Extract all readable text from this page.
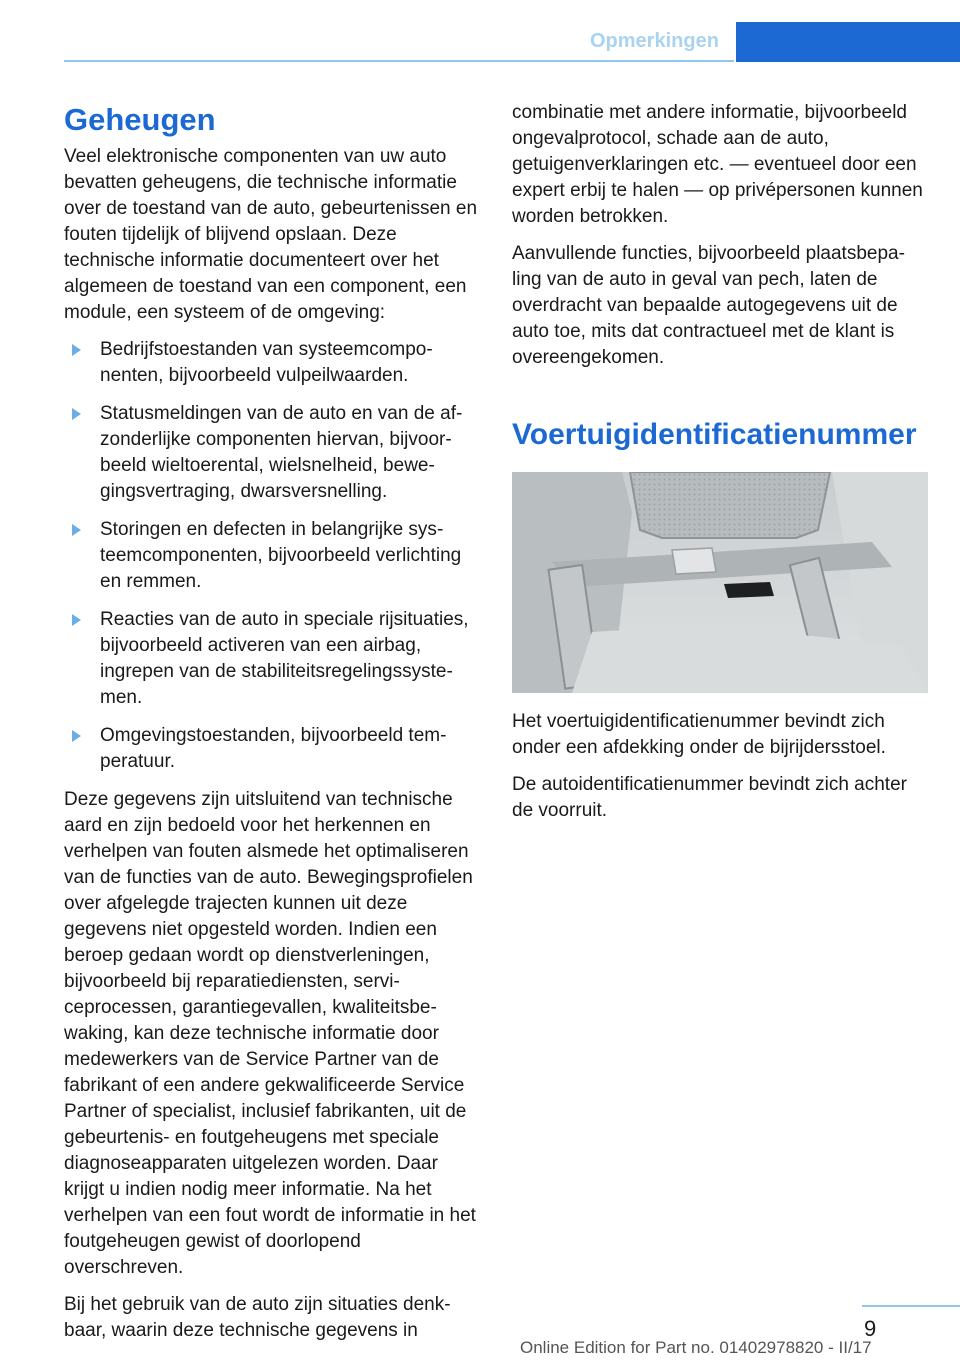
Opmerkingen
Geheugen

Veel elektronische componenten van uw auto bevatten geheugens, die technische informatie over de toestand van de auto, gebeurtenissen en fouten tijdelijk of blijvend opslaan. Deze technische informatie documenteert over het algemeen de toestand van een component, een module, een systeem of de omgeving:

Bedrijfstoestanden van systeemcomponenten, bijvoorbeeld vulpeilwaarden.
Statusmeldingen van de auto en van de afzonderlijke componenten hiervan, bijvoorbeeld wieltoerental, wielsnelheid, bewegingsvertraging, dwarsversnelling.
Storingen en defecten in belangrijke systeemcomponenten, bijvoorbeeld verlichting en remmen.
Reacties van de auto in speciale rijsituaties, bijvoorbeeld activeren van een airbag, ingrepen van de stabiliteitsregelingssystemen.
Omgevingstoestanden, bijvoorbeeld temperatuur.

Deze gegevens zijn uitsluitend van technische aard en zijn bedoeld voor het herkennen en verhelpen van fouten alsmede het optimaliseren van de functies van de auto. Bewegingsprofielen over afgelegde trajecten kunnen uit deze gegevens niet opgesteld worden. Indien een beroep gedaan wordt op dienstverleningen, bijvoorbeeld bij reparatiediensten, serviceprocessen, garantiegevallen, kwaliteitsbewaking, kan deze technische informatie door medewerkers van de Service Partner van de fabrikant of een andere gekwalificeerde Service Partner of specialist, inclusief fabrikanten, uit de gebeurtenis- en foutgeheugens met speciale diagnoseapparaten uitgelezen worden. Daar krijgt u indien nodig meer informatie. Na het verhelpen van een fout wordt de informatie in het foutgeheugen gewist of doorlopend overschreven.

Bij het gebruik van de auto zijn situaties denkbaar, waarin deze technische gegevens in

combinatie met andere informatie, bijvoorbeeld ongevalprotocol, schade aan de auto, getuigenverklaringen etc. — eventueel door een expert erbij te halen — op privépersonen kunnen worden betrokken.

Aanvullende functies, bijvoorbeeld plaatsbepaling van de auto in geval van pech, laten de overdracht van bepaalde autogegevens uit de auto toe, mits dat contractueel met de klant is overeengekomen.

Voertuigidentificatienummer

Het voertuigidentificatienummer bevindt zich onder een afdekking onder de bijrijdersstoel.

De autoidentificatienummer bevindt zich achter de voorruit.

9
Online Edition for Part no. 01402978820 - II/17
